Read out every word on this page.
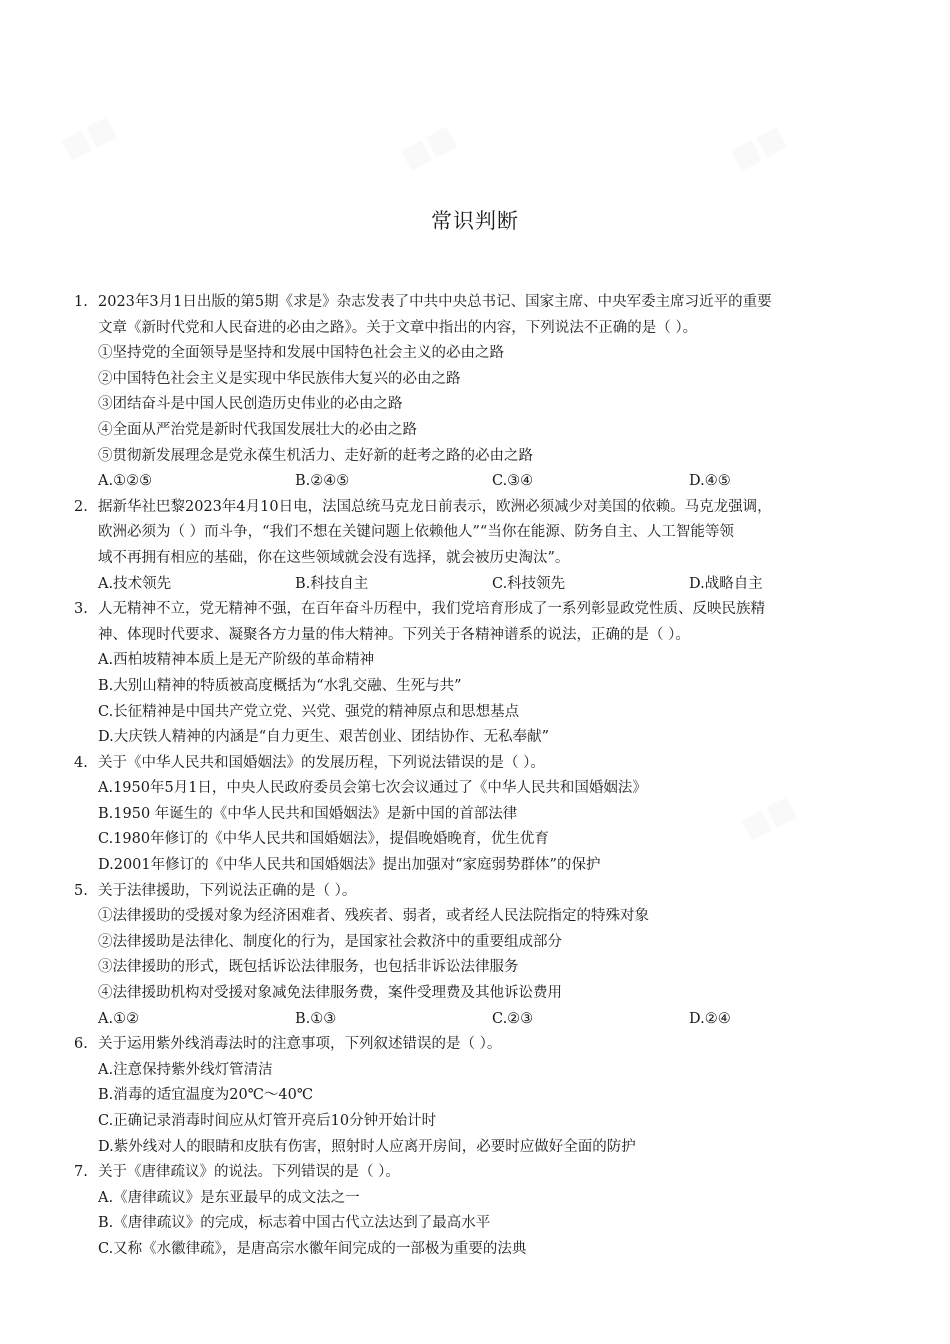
常识判断
1. 2023年3月1日出版的第5期《求是》杂志发表了中共中央总书记、国家主席、中央军委主席习近平的重要
文章《新时代党和人民奋进的必由之路》。关于文章中指出的内容，下列说法不正确的是（ ）。
①坚持党的全面领导是坚持和发展中国特色社会主义的必由之路
②中国特色社会主义是实现中华民族伟大复兴的必由之路
③团结奋斗是中国人民创造历史伟业的必由之路
④全面从严治党是新时代我国发展壮大的必由之路
⑤贯彻新发展理念是党永葆生机活力、走好新的赶考之路的必由之路
A.①②⑤	B.②④⑤	C.③④	D.④⑤
2. 据新华社巴黎2023年4月10日电，法国总统马克龙日前表示，欧洲必须减少对美国的依赖。马克龙强调，
欧洲必须为（ ）而斗争，“我们不想在关键问题上依赖他人”“当你在能源、防务自主、人工智能等领
域不再拥有相应的基础，你在这些领域就会没有选择，就会被历史淘汰”。
A.技术领先	B.科技自主	C.科技领先	D.战略自主
3. 人无精神不立，党无精神不强，在百年奋斗历程中，我们党培育形成了一系列彰显政党性质、反映民族精
神、体现时代要求、凝聚各方力量的伟大精神。下列关于各精神谱系的说法，正确的是（ ）。
A.西柏坡精神本质上是无产阶级的革命精神
B.大别山精神的特质被高度概括为“水乳交融、生死与共”
C.长征精神是中国共产党立党、兴党、强党的精神原点和思想基点
D.大庆铁人精神的内涵是“自力更生、艰苦创业、团结协作、无私奉献”
4. 关于《中华人民共和国婚姻法》的发展历程，下列说法错误的是（ ）。
A.1950年5月1日，中央人民政府委员会第七次会议通过了《中华人民共和国婚姻法》
B.1950 年诞生的《中华人民共和国婚姻法》是新中国的首部法律
C.1980年修订的《中华人民共和国婚姻法》，提倡晚婚晚育，优生优育
D.2001年修订的《中华人民共和国婚姻法》提出加强对“家庭弱势群体”的保护
5. 关于法律援助，下列说法正确的是（ ）。
①法律援助的受援对象为经济困难者、残疾者、弱者，或者经人民法院指定的特殊对象
②法律援助是法律化、制度化的行为，是国家社会救济中的重要组成部分
③法律援助的形式，既包括诉讼法律服务，也包括非诉讼法律服务
④法律援助机构对受援对象减免法律服务费，案件受理费及其他诉讼费用
A.①②	B.①③	C.②③	D.②④
6. 关于运用紫外线消毒法时的注意事项，下列叙述错误的是（ ）。
A.注意保持紫外线灯管清洁
B.消毒的适宜温度为20℃～40℃
C.正确记录消毒时间应从灯管开亮后10分钟开始计时
D.紫外线对人的眼睛和皮肤有伤害，照射时人应离开房间，必要时应做好全面的防护
7. 关于《唐律疏议》的说法。下列错误的是（ ）。
A.《唐律疏议》是东亚最早的成文法之一
B.《唐律疏议》的完成，标志着中国古代立法达到了最高水平
C.又称《水徽律疏》，是唐高宗水徽年间完成的一部极为重要的法典
